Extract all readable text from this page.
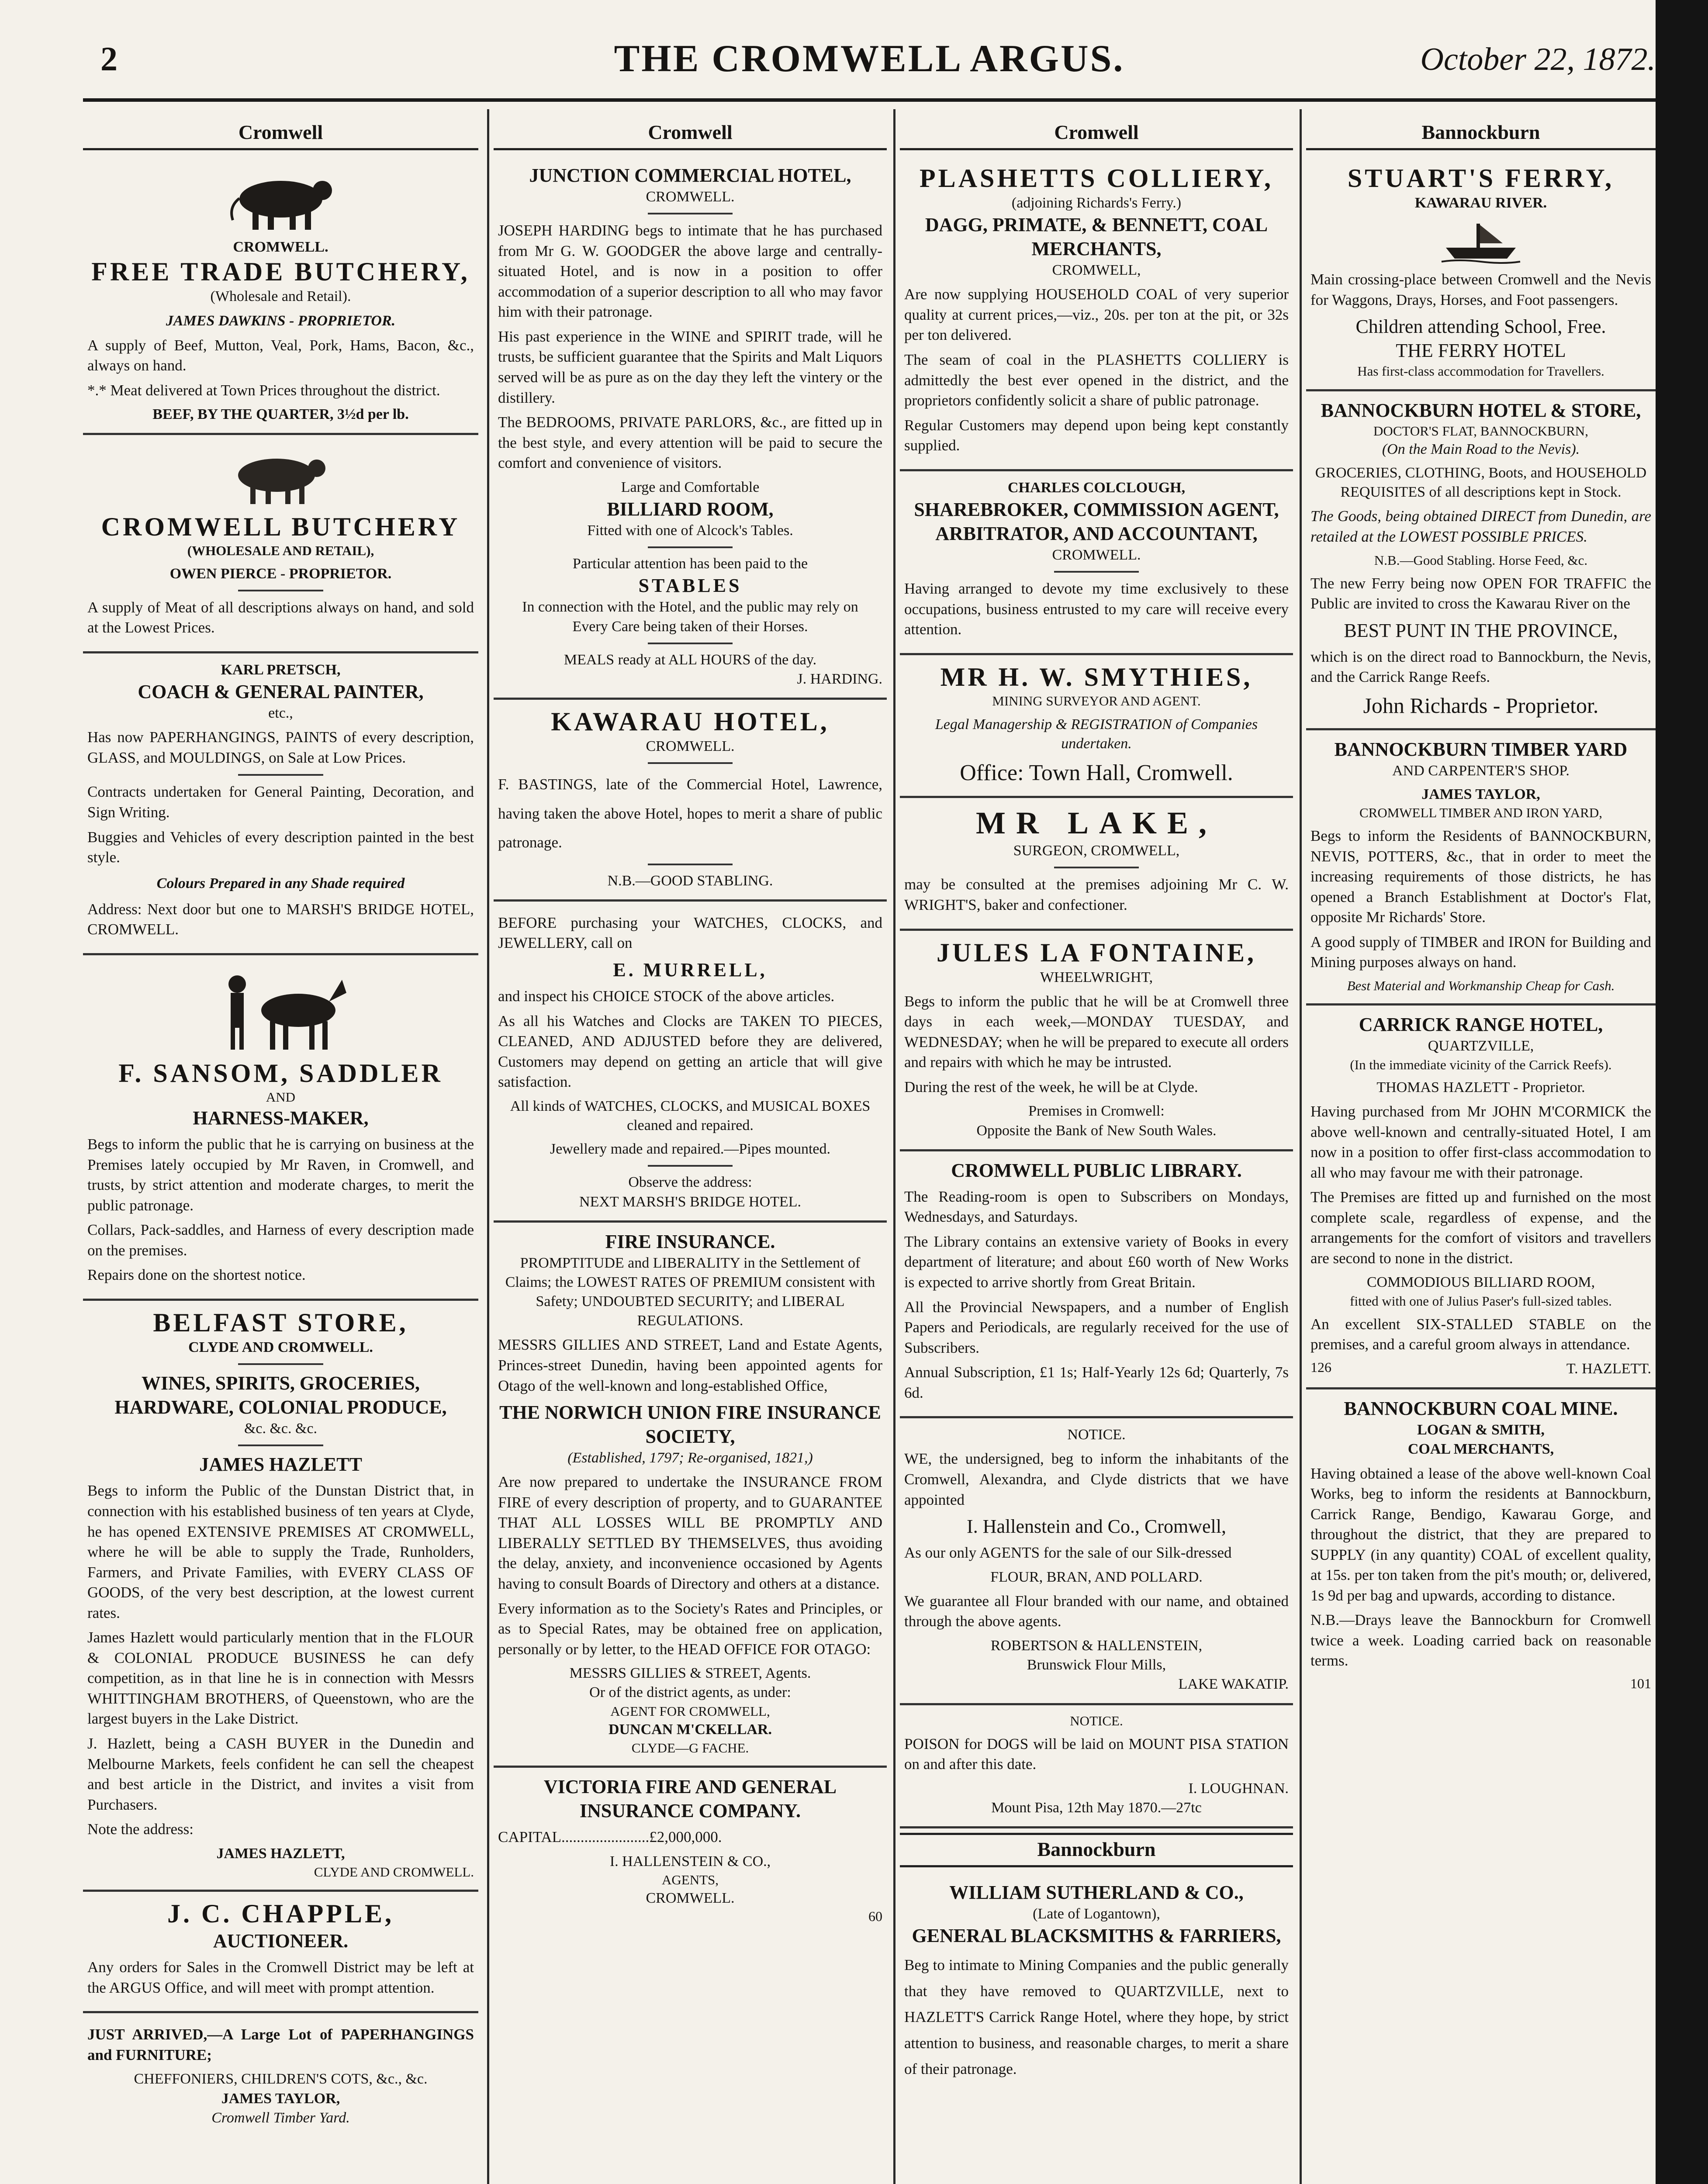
2	THE CROMWELL ARGUS.	October 22, 1872.
Cromwell
CROMWELL.
FREE TRADE BUTCHERY,
(Wholesale and Retail).
JAMES DAWKINS - PROPRIETOR.
A supply of Beef, Mutton, Veal, Pork, Hams, Bacon, &c., always on hand.
*.* Meat delivered at Town Prices throughout the district.
BEEF, BY THE QUARTER, 3½d per lb.
CROMWELL BUTCHERY
(WHOLESALE AND RETAIL),
OWEN PIERCE - PROPRIETOR.
A supply of Meat of all descriptions always on hand, and sold at the Lowest Prices.
KARL PRETSCH,
COACH & GENERAL PAINTER,
etc.,
Has now PAPERHANGINGS, PAINTS of every description, GLASS, and MOULDINGS, on Sale at Low Prices.
Contracts undertaken for General Painting, Decoration, and Sign Writing.
Buggies and Vehicles of every description painted in the best style.
Colours Prepared in any Shade required
Address: Next door but one to MARSH'S BRIDGE HOTEL, CROMWELL.
F. SANSOM, SADDLER
AND
HARNESS-MAKER,
Begs to inform the public that he is carrying on business at the Premises lately occupied by Mr Raven, in Cromwell, and trusts, by strict attention and moderate charges, to merit the public patronage.
Collars, Pack-saddles, and Harness of every description made on the premises.
Repairs done on the shortest notice.
BELFAST STORE,
CLYDE AND CROMWELL.
WINES, SPIRITS, GROCERIES, HARDWARE, COLONIAL PRODUCE,
&c. &c. &c.
JAMES HAZLETT
Begs to inform the Public of the Dunstan District that, in connection with his established business of ten years at Clyde, he has opened EXTENSIVE PREMISES AT CROMWELL, where he will be able to supply the Trade, Runholders, Farmers, and Private Families, with EVERY CLASS OF GOODS, of the very best description, at the lowest current rates.
James Hazlett would particularly mention that in the FLOUR & COLONIAL PRODUCE BUSINESS he can defy competition, as in that line he is in connection with Messrs WHITTINGHAM BROTHERS, of Queenstown, who are the largest buyers in the Lake District.
J. Hazlett, being a CASH BUYER in the Dunedin and Melbourne Markets, feels confident he can sell the cheapest and best article in the District, and invites a visit from Purchasers.
Note the address:
JAMES HAZLETT,
CLYDE AND CROMWELL.
J. C. CHAPPLE,
AUCTIONEER.
Any orders for Sales in the Cromwell District may be left at the ARGUS Office, and will meet with prompt attention.
JUST ARRIVED,—A Large Lot of PAPERHANGINGS and FURNITURE;
CHEFFONIERS, CHILDREN'S COTS, &c., &c.
JAMES TAYLOR,
Cromwell Timber Yard.
Cromwell
JUNCTION COMMERCIAL HOTEL,
CROMWELL.
JOSEPH HARDING begs to intimate that he has purchased from Mr G. W. GOODGER the above large and centrally-situated Hotel, and is now in a position to offer accommodation of a superior description to all who may favor him with their patronage.
His past experience in the WINE and SPIRIT trade, will he trusts, be sufficient guarantee that the Spirits and Malt Liquors served will be as pure as on the day they left the vintery or the distillery.
The BEDROOMS, PRIVATE PARLORS, &c., are fitted up in the best style, and every attention will be paid to secure the comfort and convenience of visitors.
Large and Comfortable
BILLIARD ROOM,
Fitted with one of Alcock's Tables.
Particular attention has been paid to the
STABLES
In connection with the Hotel, and the public may rely on
Every Care being taken of their Horses.
MEALS ready at ALL HOURS of the day.
J. HARDING.
KAWARAU HOTEL,
CROMWELL.
F. BASTINGS, late of the Commercial Hotel, Lawrence, having taken the above Hotel, hopes to merit a share of public patronage.
N.B.—GOOD STABLING.
BEFORE purchasing your WATCHES, CLOCKS, and JEWELLERY, call on
E. MURRELL,
and inspect his CHOICE STOCK of the above articles.
As all his Watches and Clocks are TAKEN TO PIECES, CLEANED, AND ADJUSTED before they are delivered, Customers may depend on getting an article that will give satisfaction.
All kinds of WATCHES, CLOCKS, and MUSICAL BOXES cleaned and repaired.
Jewellery made and repaired.—Pipes mounted.
Observe the address:
NEXT MARSH'S BRIDGE HOTEL.
FIRE INSURANCE.
PROMPTITUDE and LIBERALITY in the Settlement of Claims; the LOWEST RATES OF PREMIUM consistent with Safety; UNDOUBTED SECURITY; and LIBERAL REGULATIONS.
MESSRS GILLIES AND STREET, Land and Estate Agents, Princes-street Dunedin, having been appointed agents for Otago of the well-known and long-established Office,
THE NORWICH UNION FIRE INSURANCE SOCIETY,
(Established, 1797; Re-organised, 1821,)
Are now prepared to undertake the INSURANCE FROM FIRE of every description of property, and to GUARANTEE THAT ALL LOSSES WILL BE PROMPTLY AND LIBERALLY SETTLED BY THEMSELVES, thus avoiding the delay, anxiety, and inconvenience occasioned by Agents having to consult Boards of Directory and others at a distance.
Every information as to the Society's Rates and Principles, or as to Special Rates, may be obtained free on application, personally or by letter, to the HEAD OFFICE FOR OTAGO:
MESSRS GILLIES & STREET, Agents.
Or of the district agents, as under:
AGENT FOR CROMWELL,
DUNCAN M'CKELLAR.
CLYDE—G FACHE.
VICTORIA FIRE AND GENERAL INSURANCE COMPANY.
CAPITAL.......................£2,000,000.
I. HALLENSTEIN & CO.,
AGENTS,
CROMWELL.
60
Cromwell
PLASHETTS COLLIERY,
(adjoining Richards's Ferry.)
DAGG, PRIMATE, & BENNETT, COAL MERCHANTS,
CROMWELL,
Are now supplying HOUSEHOLD COAL of very superior quality at current prices,—viz., 20s. per ton at the pit, or 32s per ton delivered.
The seam of coal in the PLASHETTS COLLIERY is admittedly the best ever opened in the district, and the proprietors confidently solicit a share of public patronage.
Regular Customers may depend upon being kept constantly supplied.
CHARLES COLCLOUGH,
SHAREBROKER, COMMISSION AGENT,
ARBITRATOR, AND ACCOUNTANT,
CROMWELL.
Having arranged to devote my time exclusively to these occupations, business entrusted to my care will receive every attention.
MR H. W. SMYTHIES,
MINING SURVEYOR AND AGENT.
Legal Managership & REGISTRATION of Companies undertaken.
Office: Town Hall, Cromwell.
MR LAKE,
SURGEON, CROMWELL,
may be consulted at the premises adjoining Mr C. W. WRIGHT'S, baker and confectioner.
JULES LA FONTAINE,
WHEELWRIGHT,
Begs to inform the public that he will be at Cromwell three days in each week,—MONDAY TUESDAY, and WEDNESDAY; when he will be prepared to execute all orders and repairs with which he may be intrusted.
During the rest of the week, he will be at Clyde.
Premises in Cromwell:
Opposite the Bank of New South Wales.
CROMWELL PUBLIC LIBRARY.
The Reading-room is open to Subscribers on Mondays, Wednesdays, and Saturdays.
The Library contains an extensive variety of Books in every department of literature; and about £60 worth of New Works is expected to arrive shortly from Great Britain.
All the Provincial Newspapers, and a number of English Papers and Periodicals, are regularly received for the use of Subscribers.
Annual Subscription, £1 1s; Half-Yearly 12s 6d; Quarterly, 7s 6d.
NOTICE.
WE, the undersigned, beg to inform the inhabitants of the Cromwell, Alexandra, and Clyde districts that we have appointed
I. Hallenstein and Co., Cromwell,
As our only AGENTS for the sale of our Silk-dressed
FLOUR, BRAN, AND POLLARD.
We guarantee all Flour branded with our name, and obtained through the above agents.
ROBERTSON & HALLENSTEIN,
Brunswick Flour Mills,
LAKE WAKATIP.
NOTICE.
POISON for DOGS will be laid on MOUNT PISA STATION on and after this date.
I. LOUGHNAN.
Mount Pisa, 12th May 1870.—27tc
Bannockburn
WILLIAM SUTHERLAND & CO.,
(Late of Logantown),
GENERAL BLACKSMITHS & FARRIERS,
Beg to intimate to Mining Companies and the public generally that they have removed to QUARTZVILLE, next to HAZLETT'S Carrick Range Hotel, where they hope, by strict attention to business, and reasonable charges, to merit a share of their patronage.
Bannockburn
STUART'S FERRY,
KAWARAU RIVER.
Main crossing-place between Cromwell and the Nevis for Waggons, Drays, Horses, and Foot passengers.
Children attending School, Free.
THE FERRY HOTEL
Has first-class accommodation for Travellers.
BANNOCKBURN HOTEL & STORE,
DOCTOR'S FLAT, BANNOCKBURN,
(On the Main Road to the Nevis).
GROCERIES, CLOTHING, Boots, and HOUSEHOLD REQUISITES of all descriptions kept in Stock.
The Goods, being obtained DIRECT from Dunedin, are retailed at the LOWEST POSSIBLE PRICES.
N.B.—Good Stabling. Horse Feed, &c.
The new Ferry being now OPEN FOR TRAFFIC the Public are invited to cross the Kawarau River on the
BEST PUNT IN THE PROVINCE,
which is on the direct road to Bannockburn, the Nevis, and the Carrick Range Reefs.
John Richards - Proprietor.
BANNOCKBURN TIMBER YARD
AND CARPENTER'S SHOP.
JAMES TAYLOR,
CROMWELL TIMBER AND IRON YARD,
Begs to inform the Residents of BANNOCKBURN, NEVIS, POTTERS, &c., that in order to meet the increasing requirements of those districts, he has opened a Branch Establishment at Doctor's Flat, opposite Mr Richards' Store.
A good supply of TIMBER and IRON for Building and Mining purposes always on hand.
Best Material and Workmanship Cheap for Cash.
CARRICK RANGE HOTEL,
QUARTZVILLE,
(In the immediate vicinity of the Carrick Reefs).
THOMAS HAZLETT - Proprietor.
Having purchased from Mr JOHN M'CORMICK the above well-known and centrally-situated Hotel, I am now in a position to offer first-class accommodation to all who may favour me with their patronage.
The Premises are fitted up and furnished on the most complete scale, regardless of expense, and the arrangements for the comfort of visitors and travellers are second to none in the district.
COMMODIOUS BILLIARD ROOM,
fitted with one of Julius Paser's full-sized tables.
An excellent SIX-STALLED STABLE on the premises, and a careful groom always in attendance.
126	T. HAZLETT.
BANNOCKBURN COAL MINE.
LOGAN & SMITH,
COAL MERCHANTS,
Having obtained a lease of the above well-known Coal Works, beg to inform the residents at Bannockburn, Carrick Range, Bendigo, Kawarau Gorge, and throughout the district, that they are prepared to SUPPLY (in any quantity) COAL of excellent quality, at 15s. per ton taken from the pit's mouth; or, delivered, 1s 9d per bag and upwards, according to distance.
N.B.—Drays leave the Bannockburn for Cromwell twice a week. Loading carried back on reasonable terms.
101
